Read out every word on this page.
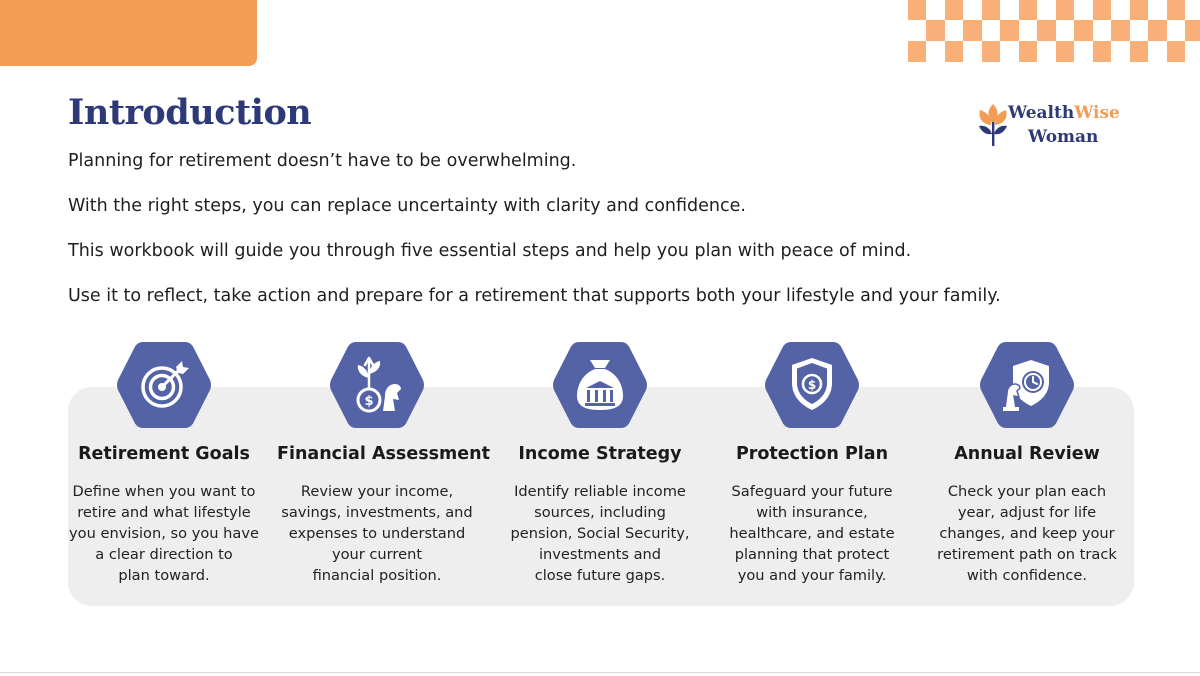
Introduction	WealthWise
Woman

Planning for retirement doesn’t have to be overwhelming.

With the right steps, you can replace uncertainty with clarity and confidence.

This workbook will guide you through five essential steps and help you plan with peace of mind.

Use it to reflect, take action and prepare for a retirement that supports both your lifestyle and your family.

Retirement Goals
Define when you want to
retire and what lifestyle
you envision, so you have
a clear direction to
plan toward.
$
Financial Assessment
Review your income,
savings, investments, and
expenses to understand
your current
financial position.
Income Strategy
Identify reliable income
sources, including
pension, Social Security,
investments and
close future gaps.
$
Protection Plan
Safeguard your future
with insurance,
healthcare, and estate
planning that protect
you and your family.
Annual Review
Check your plan each
year, adjust for life
changes, and keep your
retirement path on track
with confidence.
